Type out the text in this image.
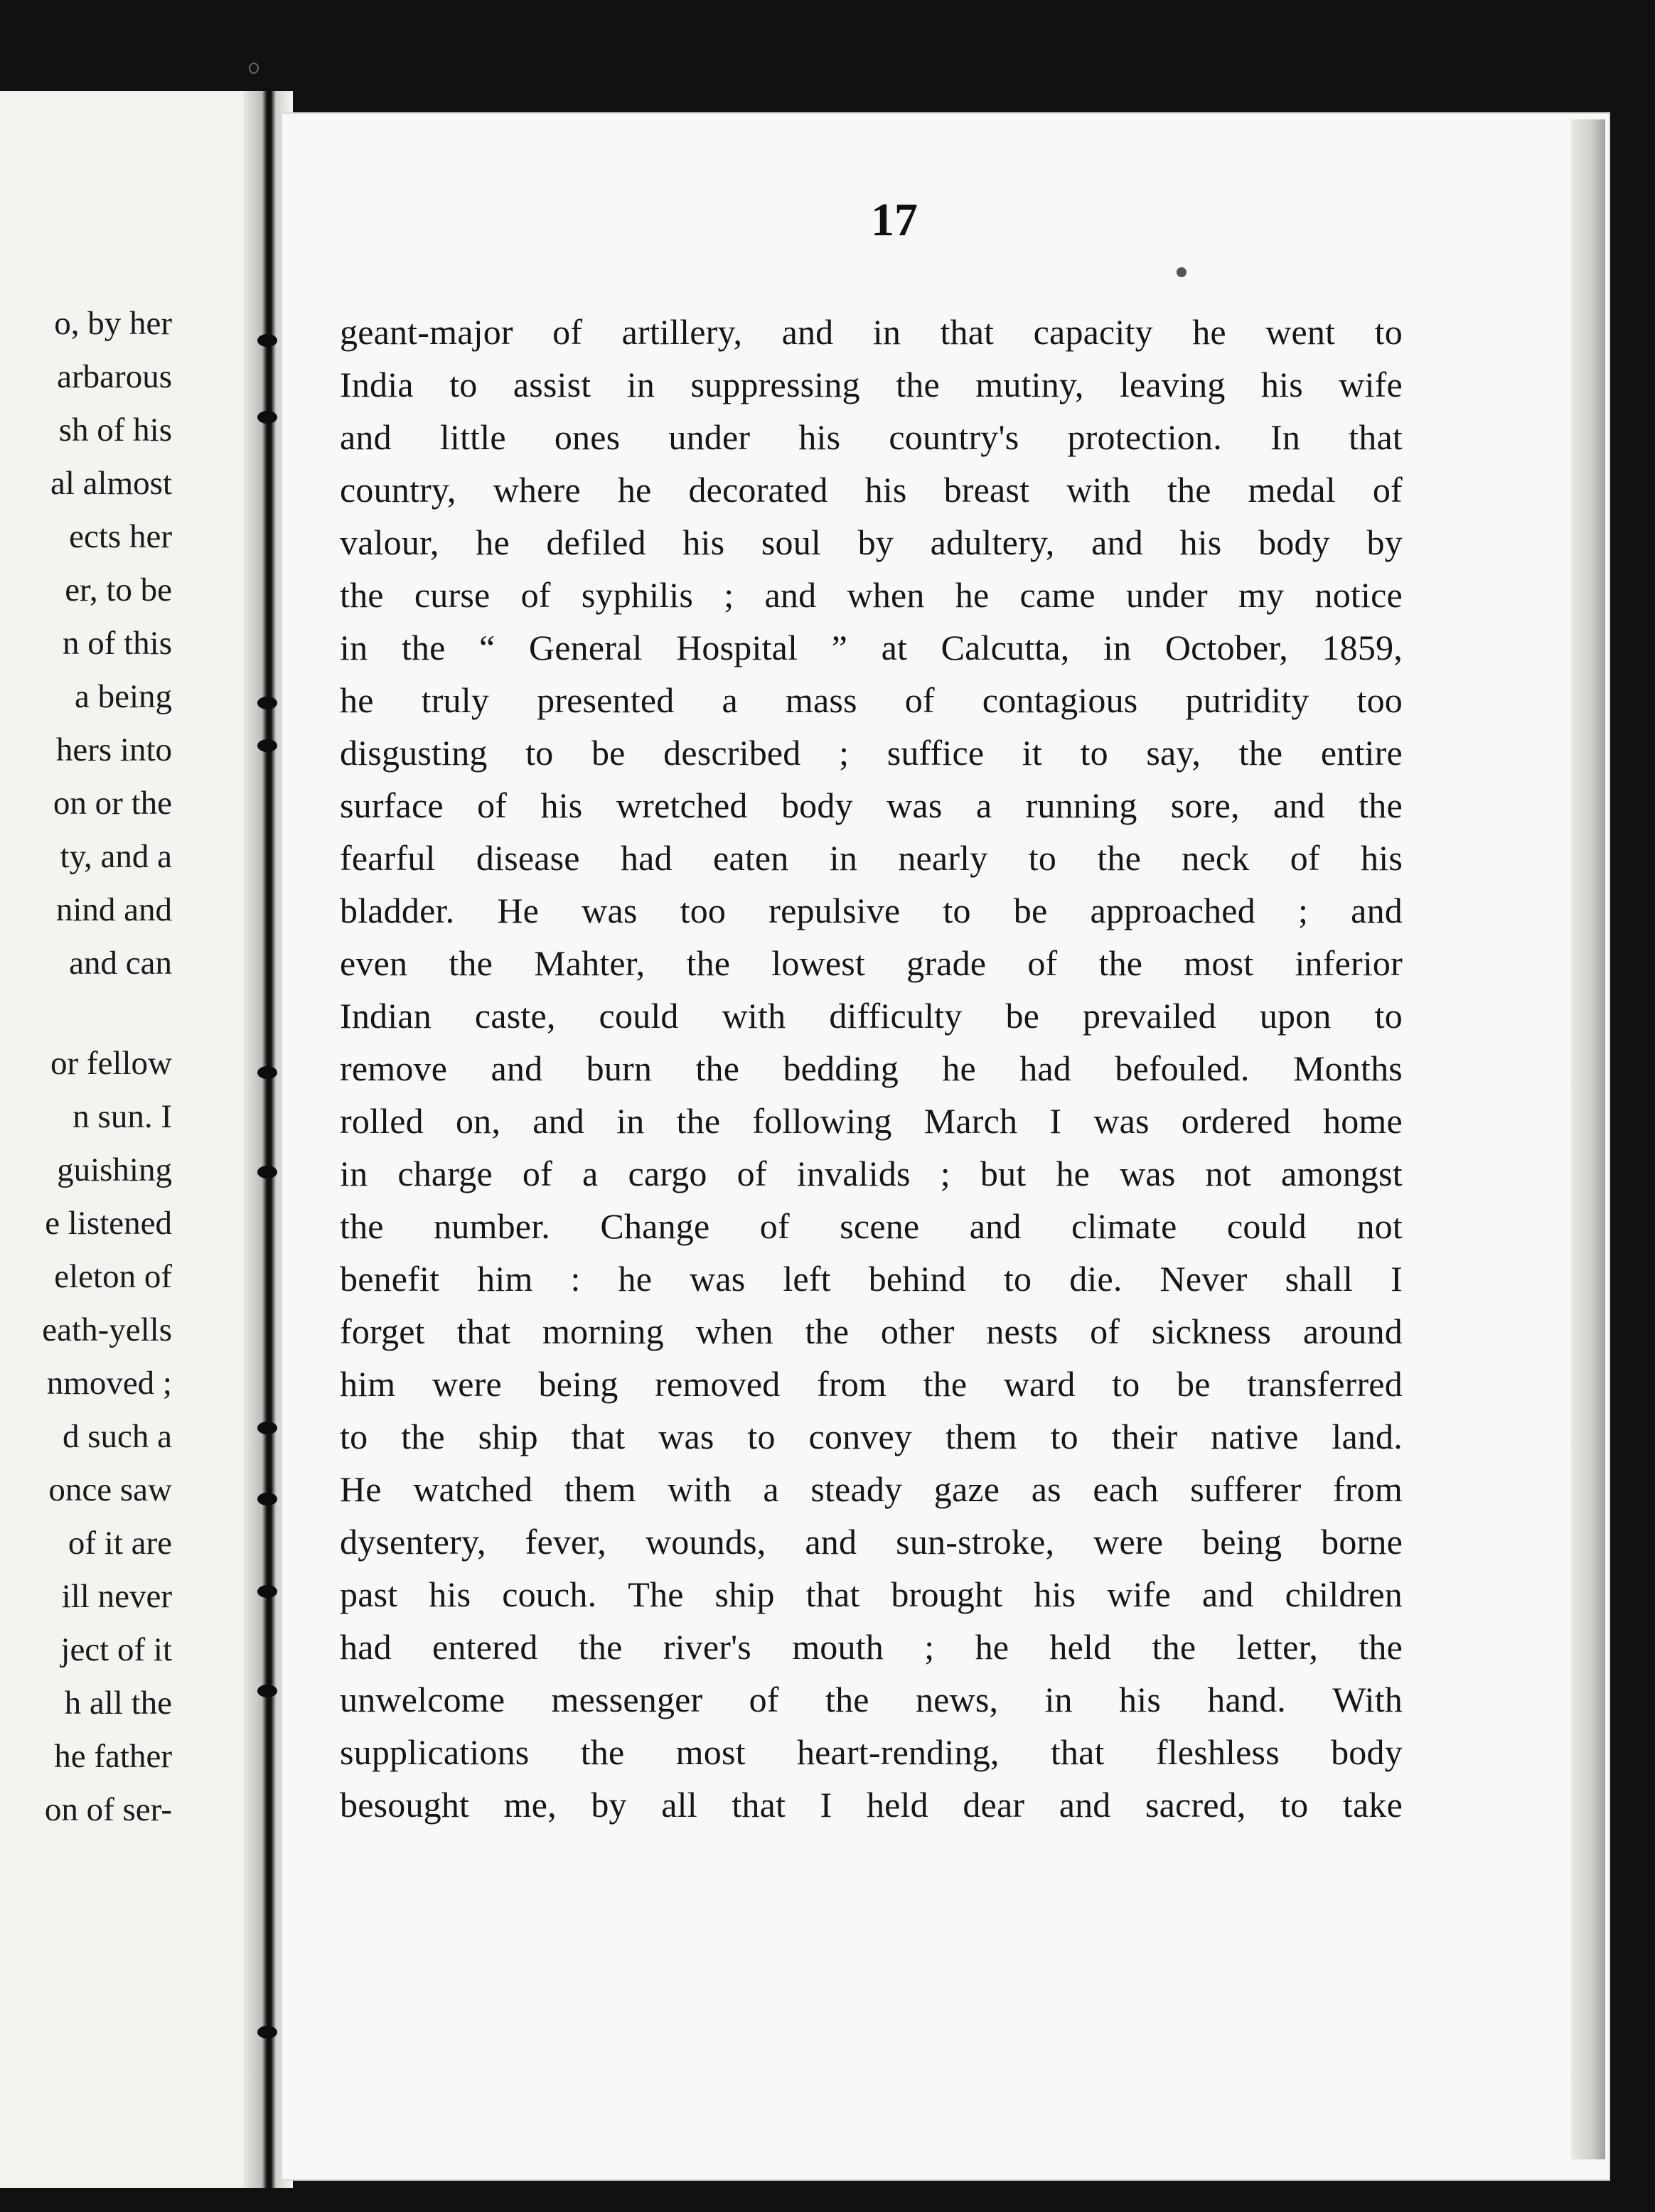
o, by her
arbarous
sh of his
al almost
ects her
er, to be
n of this
a being
hers into
on or the
ty, and a
nind and
and can
or fellow
n sun. I
guishing
e listened
eleton of
eath-yells
nmoved ;
d such a
once saw
of it are
ill never
ject of it
h all the
he father
on of ser-
17
geant-major of artillery, and in that capacity he went to
India to assist in suppressing the mutiny, leaving his wife
and little ones under his country's protection. In that
country, where he decorated his breast with the medal of
valour, he defiled his soul by adultery, and his body by
the curse of syphilis ; and when he came under my notice
in the “ General Hospital ” at Calcutta, in October, 1859,
he truly presented a mass of contagious putridity too
disgusting to be described ; suffice it to say, the entire
surface of his wretched body was a running sore, and the
fearful disease had eaten in nearly to the neck of his
bladder. He was too repulsive to be approached ; and
even the Mahter, the lowest grade of the most inferior
Indian caste, could with difficulty be prevailed upon to
remove and burn the bedding he had befouled. Months
rolled on, and in the following March I was ordered home
in charge of a cargo of invalids ; but he was not amongst
the number. Change of scene and climate could not
benefit him : he was left behind to die. Never shall I
forget that morning when the other nests of sickness around
him were being removed from the ward to be transferred
to the ship that was to convey them to their native land.
He watched them with a steady gaze as each sufferer from
dysentery, fever, wounds, and sun-stroke, were being borne
past his couch. The ship that brought his wife and children
had entered the river's mouth ; he held the letter, the
unwelcome messenger of the news, in his hand. With
supplications the most heart-rending, that fleshless body
besought me, by all that I held dear and sacred, to take
